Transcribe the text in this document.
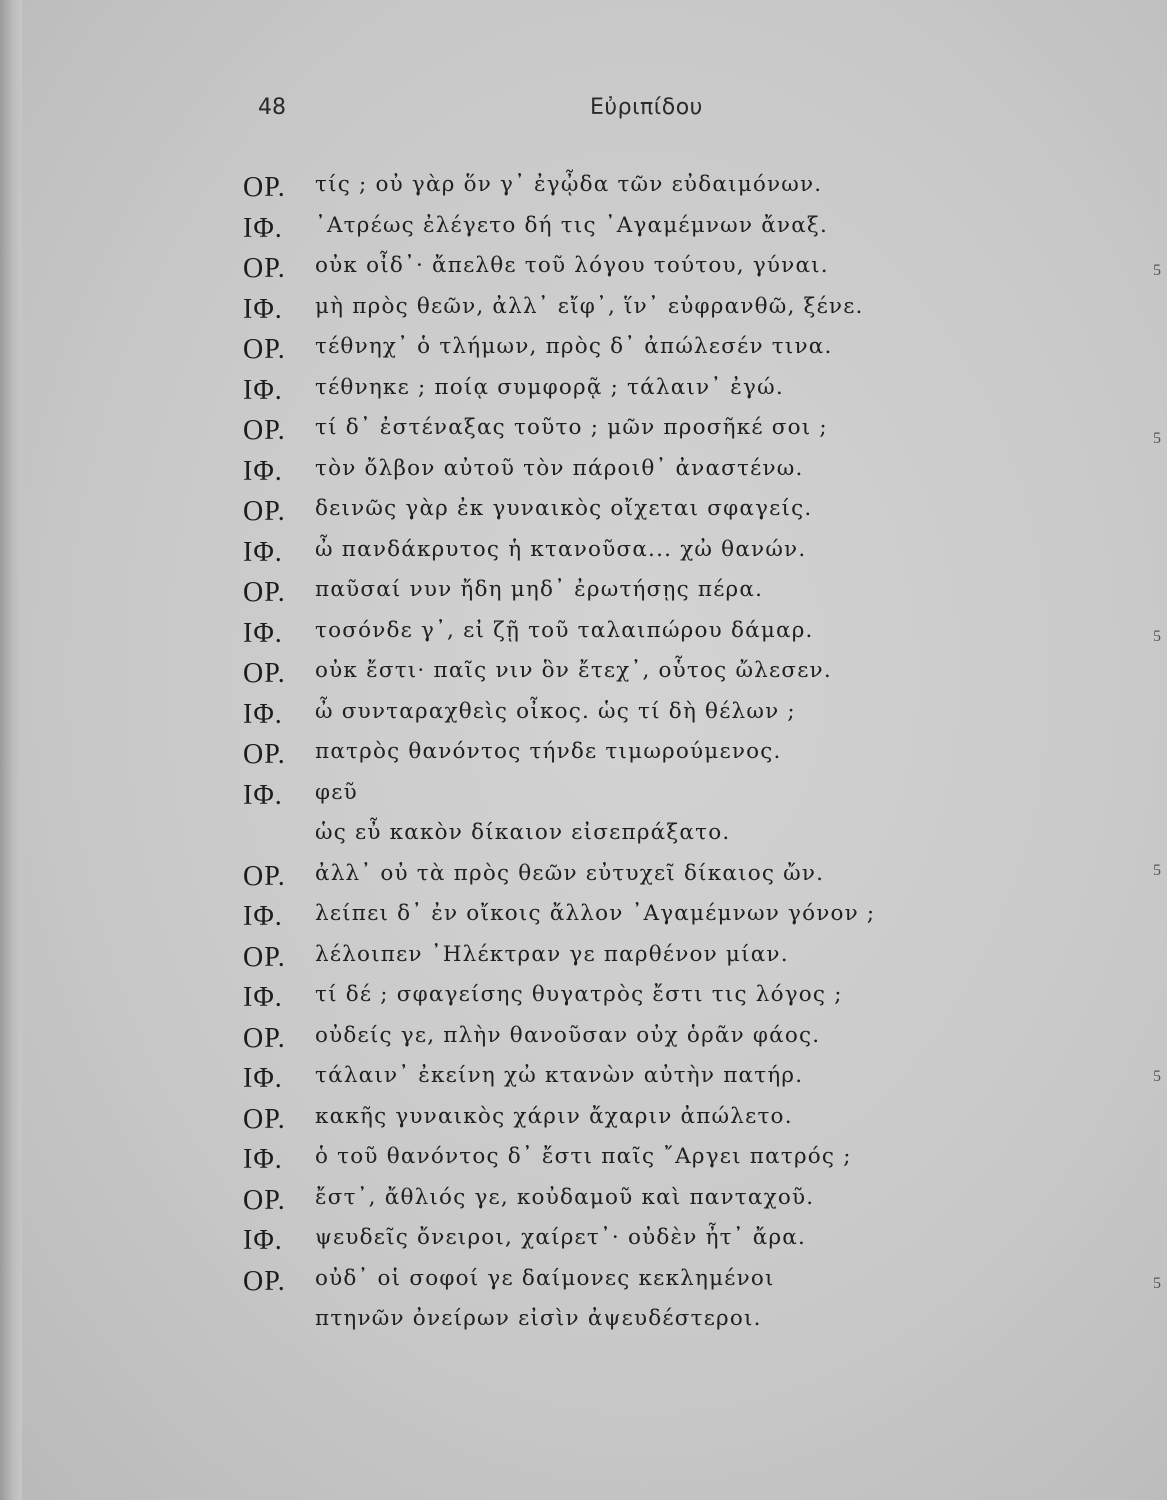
48	Εὐριπίδου
ΟΡ. τίς ; οὐ γὰρ ὅν γ᾽ ἐγᾦδα τῶν εὐδαιμόνων.
ΙΦ. ᾽Ατρέως ἐλέγετο δή τις ᾽Αγαμέμνων ἄναξ.
ΟΡ. οὐκ οἶδ᾽· ἄπελθε τοῦ λόγου τούτου, γύναι.
ΙΦ. μὴ πρὸς θεῶν, ἀλλ᾽ εἴφ᾽, ἵν᾽ εὐφρανθῶ, ξένε.
ΟΡ. τέθνηχ᾽ ὁ τλήμων, πρὸς δ᾽ ἀπώλεσέν τινα.
ΙΦ. τέθνηκε ; ποίᾳ συμφορᾷ ; τάλαιν᾽ ἐγώ.
ΟΡ. τί δ᾽ ἐστέναξας τοῦτο ; μῶν προσῆκέ σοι ;
ΙΦ. τὸν ὄλβον αὐτοῦ τὸν πάροιθ᾽ ἀναστένω.
ΟΡ. δεινῶς γὰρ ἐκ γυναικὸς οἴχεται σφαγείς.
ΙΦ. ὦ πανδάκρυτος ἡ κτανοῦσα... χὠ θανών.
ΟΡ. παῦσαί νυν ἤδη μηδ᾽ ἐρωτήσῃς πέρα.
ΙΦ. τοσόνδε γ᾽, εἰ ζῇ τοῦ ταλαιπώρου δάμαρ.
ΟΡ. οὐκ ἔστι· παῖς νιν ὃν ἔτεχ᾽, οὗτος ὤλεσεν.
ΙΦ. ὦ συνταραχθεὶς οἶκος. ὡς τί δὴ θέλων ;
ΟΡ. πατρὸς θανόντος τήνδε τιμωρούμενος.
ΙΦ. φεῦ
ὡς εὖ κακὸν δίκαιον εἰσεπράξατο.
ΟΡ. ἀλλ᾽ οὐ τὰ πρὸς θεῶν εὐτυχεῖ δίκαιος ὤν.
ΙΦ. λείπει δ᾽ ἐν οἴκοις ἄλλον ᾽Αγαμέμνων γόνον ;
ΟΡ. λέλοιπεν ᾽Ηλέκτραν γε παρθένον μίαν.
ΙΦ. τί δέ ; σφαγείσης θυγατρὸς ἔστι τις λόγος ;
ΟΡ. οὐδείς γε, πλὴν θανοῦσαν οὐχ ὁρᾶν φάος.
ΙΦ. τάλαιν᾽ ἐκείνη χὠ κτανὼν αὐτὴν πατήρ.
ΟΡ. κακῆς γυναικὸς χάριν ἄχαριν ἀπώλετο.
ΙΦ. ὁ τοῦ θανόντος δ᾽ ἔστι παῖς ῎Αργει πατρός ;
ΟΡ. ἔστ᾽, ἄθλιός γε, κοὐδαμοῦ καὶ πανταχοῦ.
ΙΦ. ψευδεῖς ὄνειροι, χαίρετ᾽· οὐδὲν ἦτ᾽ ἄρα.
ΟΡ. οὐδ᾽ οἱ σοφοί γε δαίμονες κεκλημένοι
πτηνῶν ὀνείρων εἰσὶν ἀψευδέστεροι.
5
5
5
5
5
5
